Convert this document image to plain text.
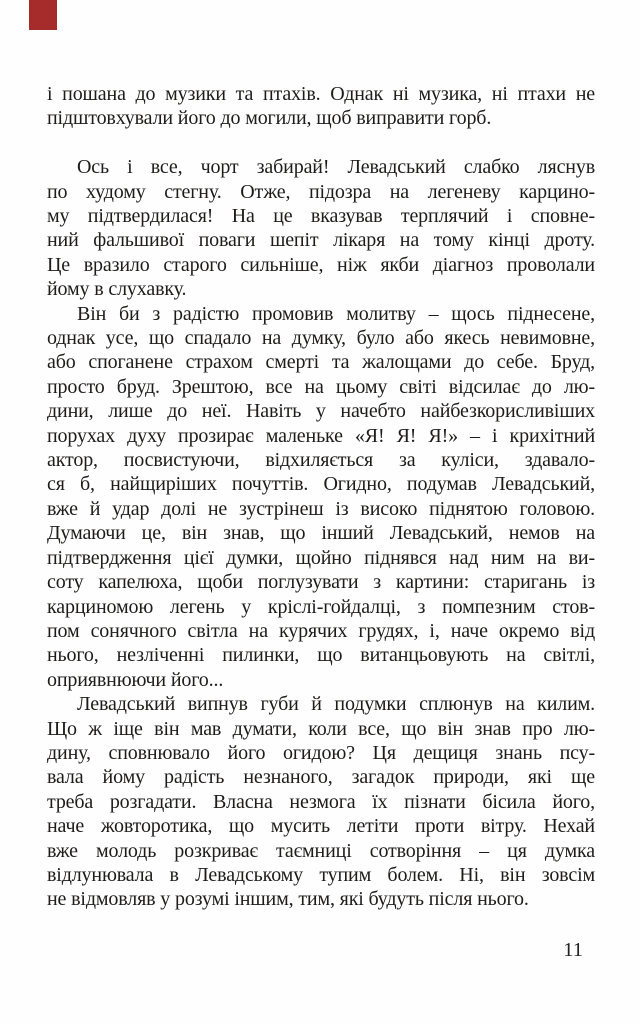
і пошана до музики та птахів. Однак ні музика, ні птахи не
підштовхували його до могили, щоб виправити горб.
Ось і все, чорт забирай! Левадський слабко ляснув
по худому стегну. Отже, підозра на легеневу карцино-
му підтвердилася! На це вказував терплячий і сповне-
ний фальшивої поваги шепіт лікаря на тому кінці дроту.
Це вразило старого сильніше, ніж якби діагноз проволали
йому в слухавку.
Він би з радістю промовив молитву – щось піднесене,
однак усе, що спадало на думку, було або якесь невимовне,
або споганене страхом смерті та жалощами до себе. Бруд,
просто бруд. Зрештою, все на цьому світі відсилає до лю-
дини, лише до неї. Навіть у начебто найбезкорисливіших
порухах духу прозирає маленьке «Я! Я! Я!» – і крихітний
актор, посвистуючи, відхиляється за куліси, здавало-
ся б, найщиріших почуттів. Огидно, подумав Левадський,
вже й удар долі не зустрінеш із високо піднятою головою.
Думаючи це, він знав, що інший Левадський, немов на
підтвердження цієї думки, щойно піднявся над ним на ви-
соту капелюха, щоби поглузувати з картини: старигань із
карциномою легень у кріслі-гойдалці, з помпезним стов-
пом сонячного світла на курячих грудях, і, наче окремо від
нього, незліченні пилинки, що витанцьовують на світлі,
оприявнюючи його...
Левадський випнув губи й подумки сплюнув на килим.
Що ж іще він мав думати, коли все, що він знав про лю-
дину, сповнювало його огидою? Ця дещиця знань псу-
вала йому радість незнаного, загадок природи, які ще
треба розгадати. Власна незмога їх пізнати бісила його,
наче жовторотика, що мусить летіти проти вітру. Нехай
вже молодь розкриває таємниці сотворіння – ця думка
відлунювала в Левадському тупим болем. Ні, він зовсім
не відмовляв у розумі іншим, тим, які будуть після нього.
11
